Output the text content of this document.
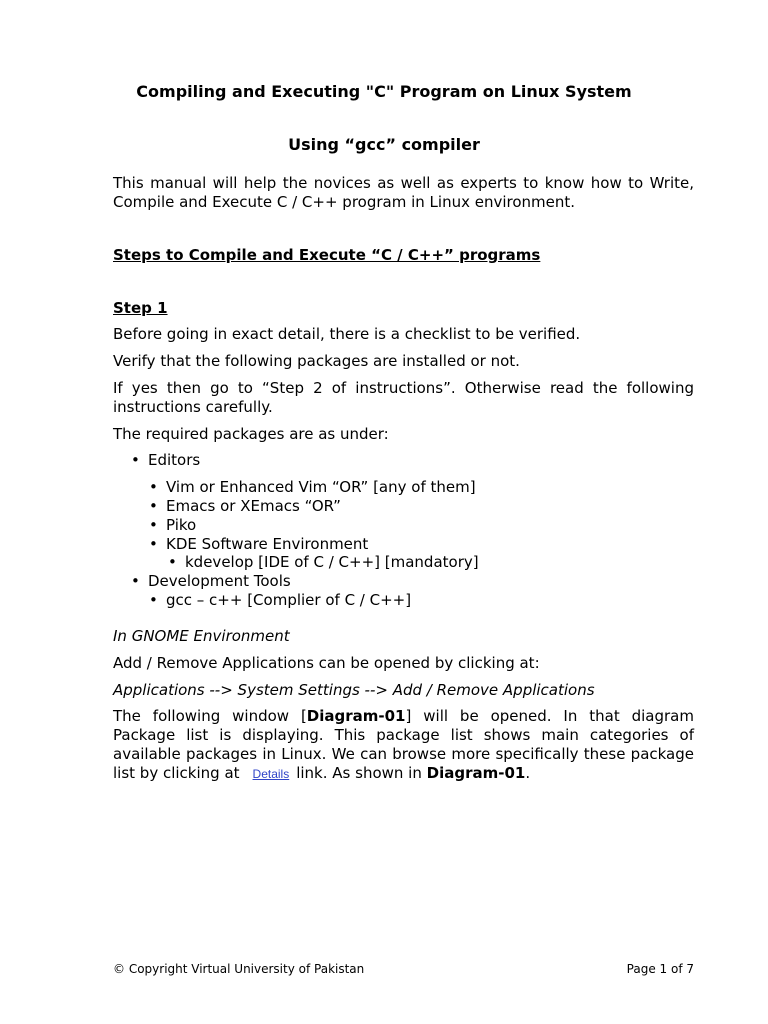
Compiling and Executing "C" Program on Linux System
Using “gcc” compiler

This manual will help the novices as well as experts to know how to Write, Compile and Execute C / C++ program in Linux environment.

Steps to Compile and Execute “C / C++” programs

Step 1

Before going in exact detail, there is a checklist to be verified.

Verify that the following packages are installed or not.

If yes then go to “Step 2 of instructions”. Otherwise read the following instructions carefully.

The required packages are as under:

• Editors
• Vim or Enhanced Vim “OR” [any of them]
• Emacs or XEmacs “OR”
• Piko
• KDE Software Environment
• kdevelop [IDE of C / C++] [mandatory]
• Development Tools
• gcc – c++ [Complier of C / C++]

In GNOME Environment

Add / Remove Applications can be opened by clicking at:

Applications --> System Settings --> Add / Remove Applications

The following window [Diagram-01] will be opened. In that diagram Package list is displaying. This package list shows main categories of available packages in Linux. We can browse more specifically these package list by clicking at Details link. As shown in Diagram-01.

© Copyright Virtual University of Pakistan	Page 1 of 7
